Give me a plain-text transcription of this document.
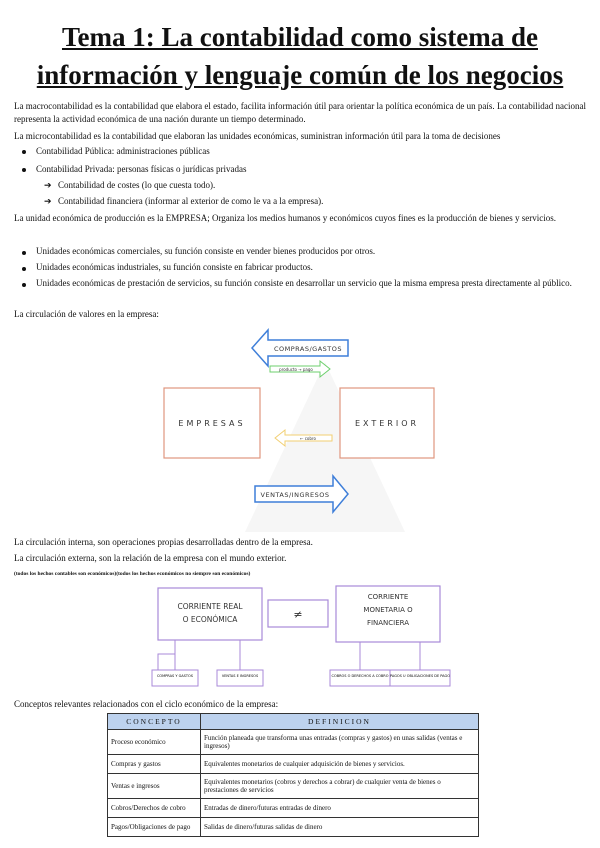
Tema 1: La contabilidad como sistema de
información y lenguaje común de los negocios
La macrocontabilidad es la contabilidad que elabora el estado, facilita información útil para orientar la política económica de un país. La contabilidad nacional representa la actividad económica de una nación durante un tiempo determinado.
La microcontabilidad es la contabilidad que elaboran las unidades económicas, suministran información útil para la toma de decisiones
Contabilidad Pública: administraciones públicas
Contabilidad Privada: personas físicas o jurídicas privadas
➔ Contabilidad de costes (lo que cuesta todo).
➔ Contabilidad financiera (informar al exterior de como le va a la empresa).
La unidad económica de producción es la EMPRESA; Organiza los medios humanos y económicos cuyos fines es la producción de bienes y servicios.
Unidades económicas comerciales, su función consiste en vender bienes producidos por otros.
Unidades económicas industriales, su función consiste en fabricar productos.
Unidades económicas de prestación de servicios, su función consiste en desarrollar un servicio que la misma empresa presta directamente al público.
La circulación de valores en la empresa:
COMPRAS/GASTOS
EMPRESAS	EXTERIOR
producto → pago
← cobro
VENTAS/INGRESOS
La circulación interna, son operaciones propias desarrolladas dentro de la empresa.
La circulación externa, son la relación de la empresa con el mundo exterior.
(todos los hechos contables son económicos)(todos los hechos económicos no siempre son económicos)
CORRIENTE REAL
O ECONÓMICA	≠
CORRIENTE
MONETARIA O
FINANCIERA
COMPRAS Y GASTOS	VENTAS E INGRESOS	COBROS O DERECHOS A COBRO PAGOS U OBLIGACIONES DE PAGO
Conceptos relevantes relacionados con el ciclo económico de la empresa:
CONCEPTO	DEFINICION
Proceso económico	Función planeada que transforma unas entradas (compras y gastos) en unas salidas (ventas e ingresos)
Compras y gastos	Equivalentes monetarios de cualquier adquisición de bienes y servicios.
Ventas e ingresos	Equivalentes monetarios (cobros y derechos a cobrar) de cualquier venta de bienes o prestaciones de servicios
Cobros/Derechos de cobro	Entradas de dinero/futuras entradas de dinero
Pagos/Obligaciones de pago	Salidas de dinero/futuras salidas de dinero
